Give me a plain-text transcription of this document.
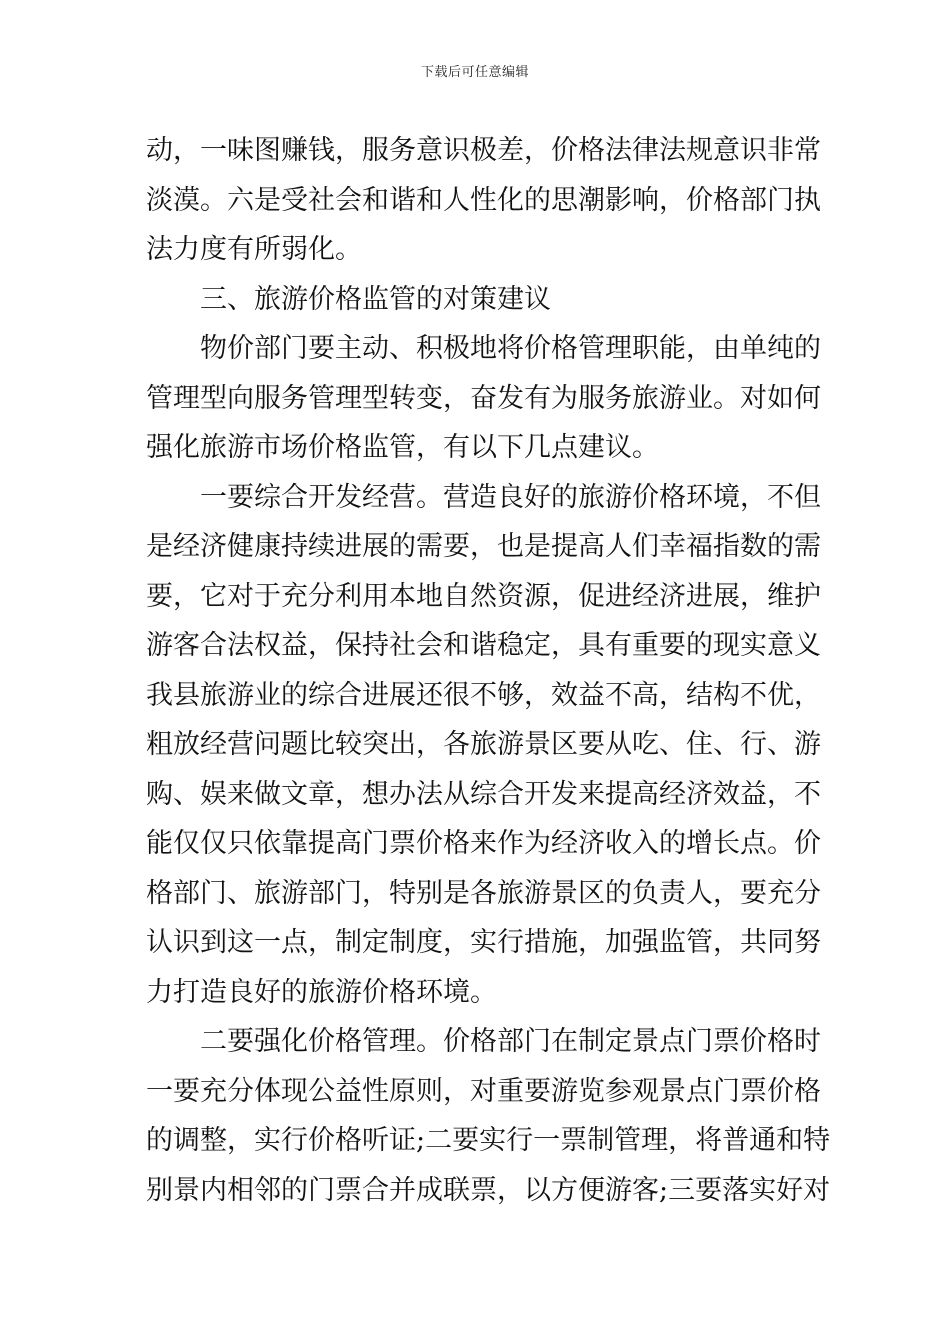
下载后可任意编辑
动，一味图赚钱，服务意识极差，价格法律法规意识非常
淡漠。六是受社会和谐和人性化的思潮影响，价格部门执
法力度有所弱化。
三、旅游价格监管的对策建议
物价部门要主动、积极地将价格管理职能，由单纯的
管理型向服务管理型转变，奋发有为服务旅游业。对如何
强化旅游市场价格监管，有以下几点建议。
一要综合开发经营。营造良好的旅游价格环境，不但
是经济健康持续进展的需要，也是提高人们幸福指数的需
要，它对于充分利用本地自然资源，促进经济进展，维护
游客合法权益，保持社会和谐稳定，具有重要的现实意义
我县旅游业的综合进展还很不够，效益不高，结构不优，
粗放经营问题比较突出，各旅游景区要从吃、住、行、游
购、娱来做文章，想办法从综合开发来提高经济效益，不
能仅仅只依靠提高门票价格来作为经济收入的增长点。价
格部门、旅游部门，特别是各旅游景区的负责人，要充分
认识到这一点，制定制度，实行措施，加强监管，共同努
力打造良好的旅游价格环境。
二要强化价格管理。价格部门在制定景点门票价格时
一要充分体现公益性原则，对重要游览参观景点门票价格
的调整，实行价格听证;二要实行一票制管理，将普通和特
别景内相邻的门票合并成联票，以方便游客;三要落实好对
